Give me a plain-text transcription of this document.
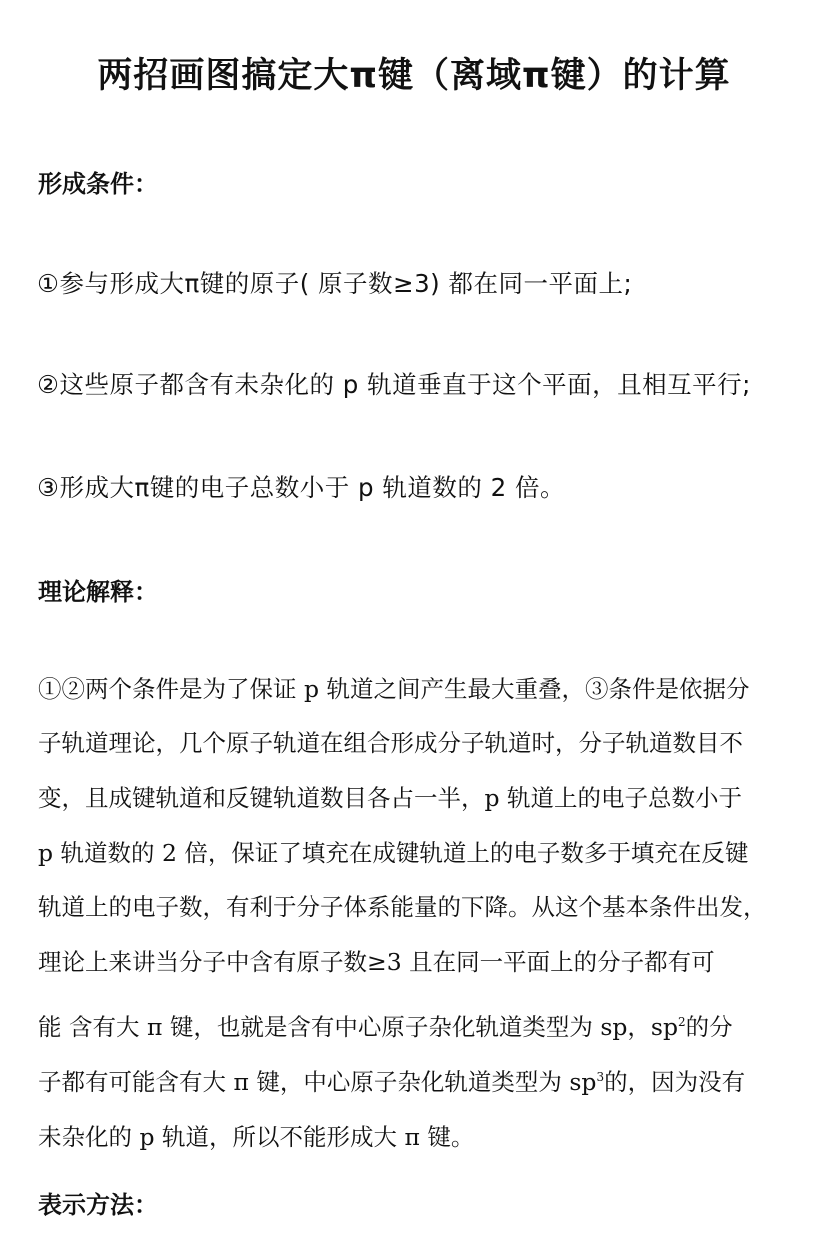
两招画图搞定大π键（离域π键）的计算
形成条件：
①参与形成大π键的原子( 原子数≥3) 都在同一平面上;
②这些原子都含有未杂化的 p 轨道垂直于这个平面，且相互平行;
③形成大π键的电子总数小于 p 轨道数的 2 倍。
理论解释：
①②两个条件是为了保证 p 轨道之间产生最大重叠，③条件是依据分
子轨道理论，几个原子轨道在组合形成分子轨道时，分子轨道数目不
变，且成键轨道和反键轨道数目各占一半，p 轨道上的电子总数小于
p 轨道数的 2 倍，保证了填充在成键轨道上的电子数多于填充在反键
轨道上的电子数，有利于分子体系能量的下降。从这个基本条件出发，
理论上来讲当分子中含有原子数≥3 且在同一平面上的分子都有可
能 含有大 π 键，也就是含有中心原子杂化轨道类型为 sp，$sp^2$的分
子都有可能含有大 π 键，中心原子杂化轨道类型为 $sp^3$的，因为没有
未杂化的 p 轨道，所以不能形成大 π 键。
表示方法：
